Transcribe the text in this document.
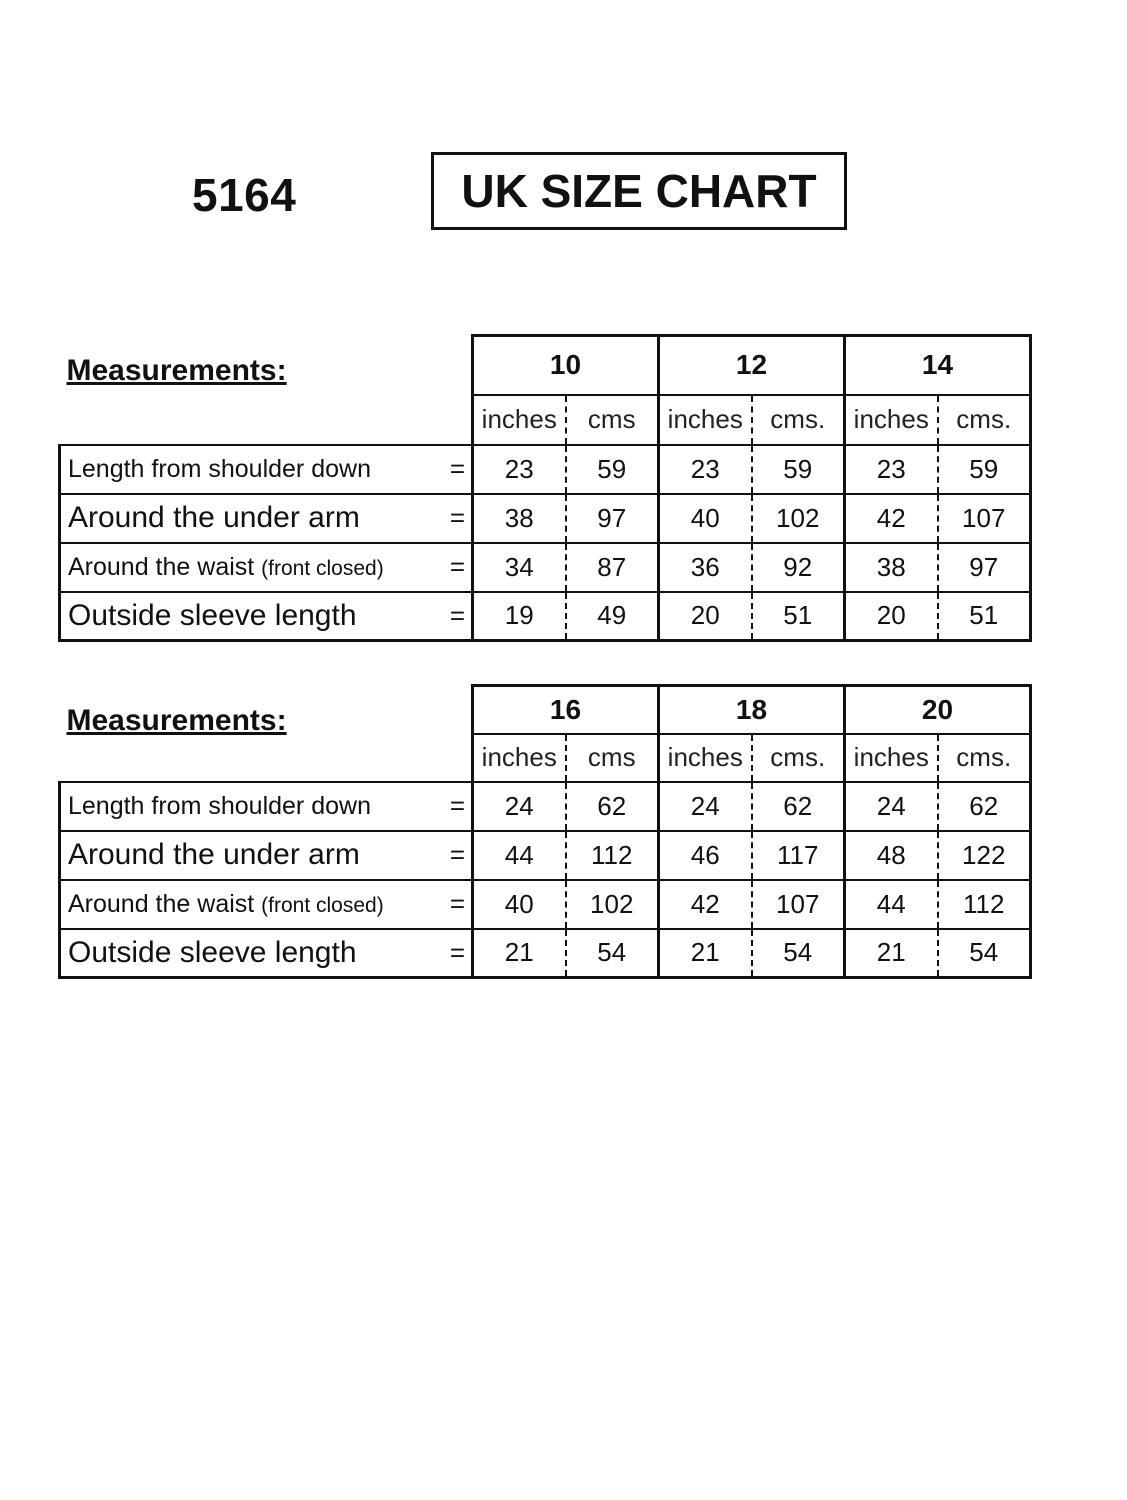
5164	UK SIZE CHART
Measurements:	10		12		14	
	inches	cms	inches	cms.	inches	cms.
Length from shoulder down =	23	59	23	59	23	59
Around the under arm =	38	97	40	102	42	107
Around the waist (front closed) =	34	87	36	92	38	97
Outside sleeve length =	19	49	20	51	20	51
Measurements:	16		18		20	
	inches	cms	inches	cms.	inches	cms.
Length from shoulder down =	24	62	24	62	24	62
Around the under arm =	44	112	46	117	48	122
Around the waist (front closed) =	40	102	42	107	44	112
Outside sleeve length =	21	54	21	54	21	54
